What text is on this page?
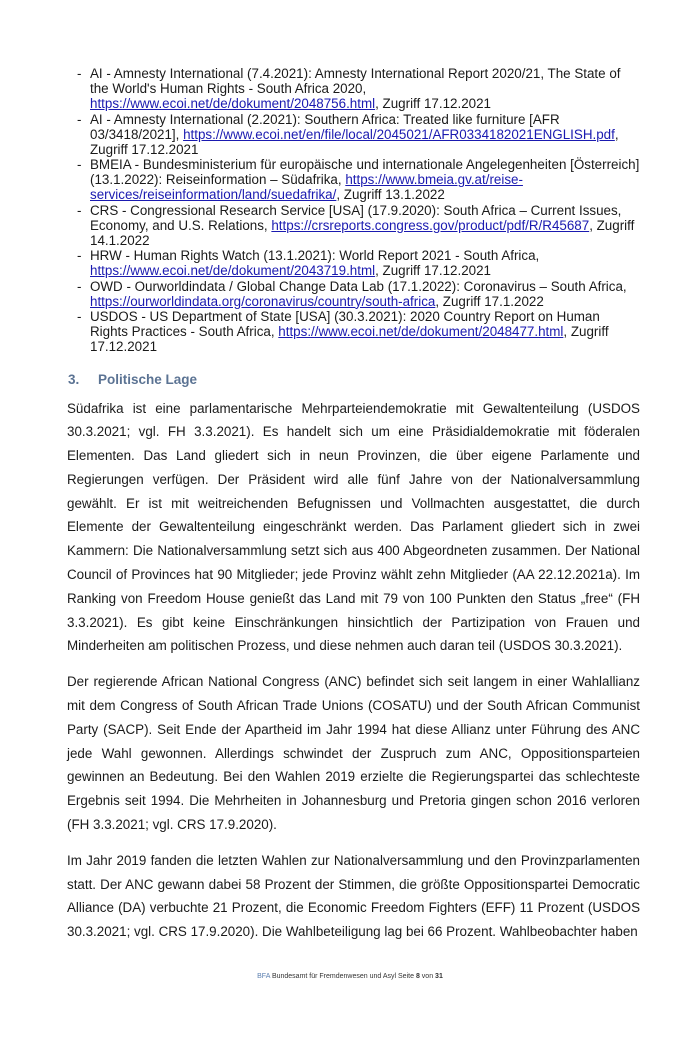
- AI - Amnesty International (7.4.2021): Amnesty International Report 2020/21, The State of the World's Human Rights - South Africa 2020, https://www.ecoi.net/de/dokument/2048756.html, Zugriff 17.12.2021
- AI - Amnesty International (2.2021): Southern Africa: Treated like furniture [AFR 03/3418/2021], https://www.ecoi.net/en/file/local/2045021/AFR0334182021ENGLISH.pdf, Zugriff 17.12.2021
- BMEIA - Bundesministerium für europäische und internationale Angelegenheiten [Österreich] (13.1.2022): Reiseinformation – Südafrika, https://www.bmeia.gv.at/reise-services/reiseinformation/land/suedafrika/, Zugriff 13.1.2022
- CRS - Congressional Research Service [USA] (17.9.2020): South Africa – Current Issues, Economy, and U.S. Relations, https://crsreports.congress.gov/product/pdf/R/R45687, Zugriff 14.1.2022
- HRW - Human Rights Watch (13.1.2021): World Report 2021 - South Africa, https://www.ecoi.net/de/dokument/2043719.html, Zugriff 17.12.2021
- OWD - Ourworldindata / Global Change Data Lab (17.1.2022): Coronavirus – South Africa, https://ourworldindata.org/coronavirus/country/south-africa, Zugriff 17.1.2022
- USDOS - US Department of State [USA] (30.3.2021): 2020 Country Report on Human Rights Practices - South Africa, https://www.ecoi.net/de/dokument/2048477.html, Zugriff 17.12.2021
3. Politische Lage

Südafrika ist eine parlamentarische Mehrparteiendemokratie mit Gewaltenteilung (USDOS 30.3.2021; vgl. FH 3.3.2021). Es handelt sich um eine Präsidialdemokratie mit föderalen Elementen. Das Land gliedert sich in neun Provinzen, die über eigene Parlamente und Regierungen verfügen. Der Präsident wird alle fünf Jahre von der Nationalversammlung gewählt. Er ist mit weitreichenden Befugnissen und Vollmachten ausgestattet, die durch Elemente der Gewaltenteilung eingeschränkt werden. Das Parlament gliedert sich in zwei Kammern: Die Nationalversammlung setzt sich aus 400 Abgeordneten zusammen. Der National Council of Provinces hat 90 Mitglieder; jede Provinz wählt zehn Mitglieder (AA 22.12.2021a). Im Ranking von Freedom House genießt das Land mit 79 von 100 Punkten den Status „free“ (FH 3.3.2021). Es gibt keine Einschränkungen hinsichtlich der Partizipation von Frauen und Minderheiten am politischen Prozess, und diese nehmen auch daran teil (USDOS 30.3.2021).

Der regierende African National Congress (ANC) befindet sich seit langem in einer Wahlallianz mit dem Congress of South African Trade Unions (COSATU) und der South African Communist Party (SACP). Seit Ende der Apartheid im Jahr 1994 hat diese Allianz unter Führung des ANC jede Wahl gewonnen. Allerdings schwindet der Zuspruch zum ANC, Oppositionsparteien gewinnen an Bedeutung. Bei den Wahlen 2019 erzielte die Regierungspartei das schlechteste Ergebnis seit 1994. Die Mehrheiten in Johannesburg und Pretoria gingen schon 2016 verloren (FH 3.3.2021; vgl. CRS 17.9.2020).

Im Jahr 2019 fanden die letzten Wahlen zur Nationalversammlung und den Provinzparlamenten statt. Der ANC gewann dabei 58 Prozent der Stimmen, die größte Oppositionspartei Democratic Alliance (DA) verbuchte 21 Prozent, die Economic Freedom Fighters (EFF) 11 Prozent (USDOS 30.3.2021; vgl. CRS 17.9.2020). Die Wahlbeteiligung lag bei 66 Prozent. Wahlbeobachter haben

BFA Bundesamt für Fremdenwesen und Asyl Seite 8 von 31
